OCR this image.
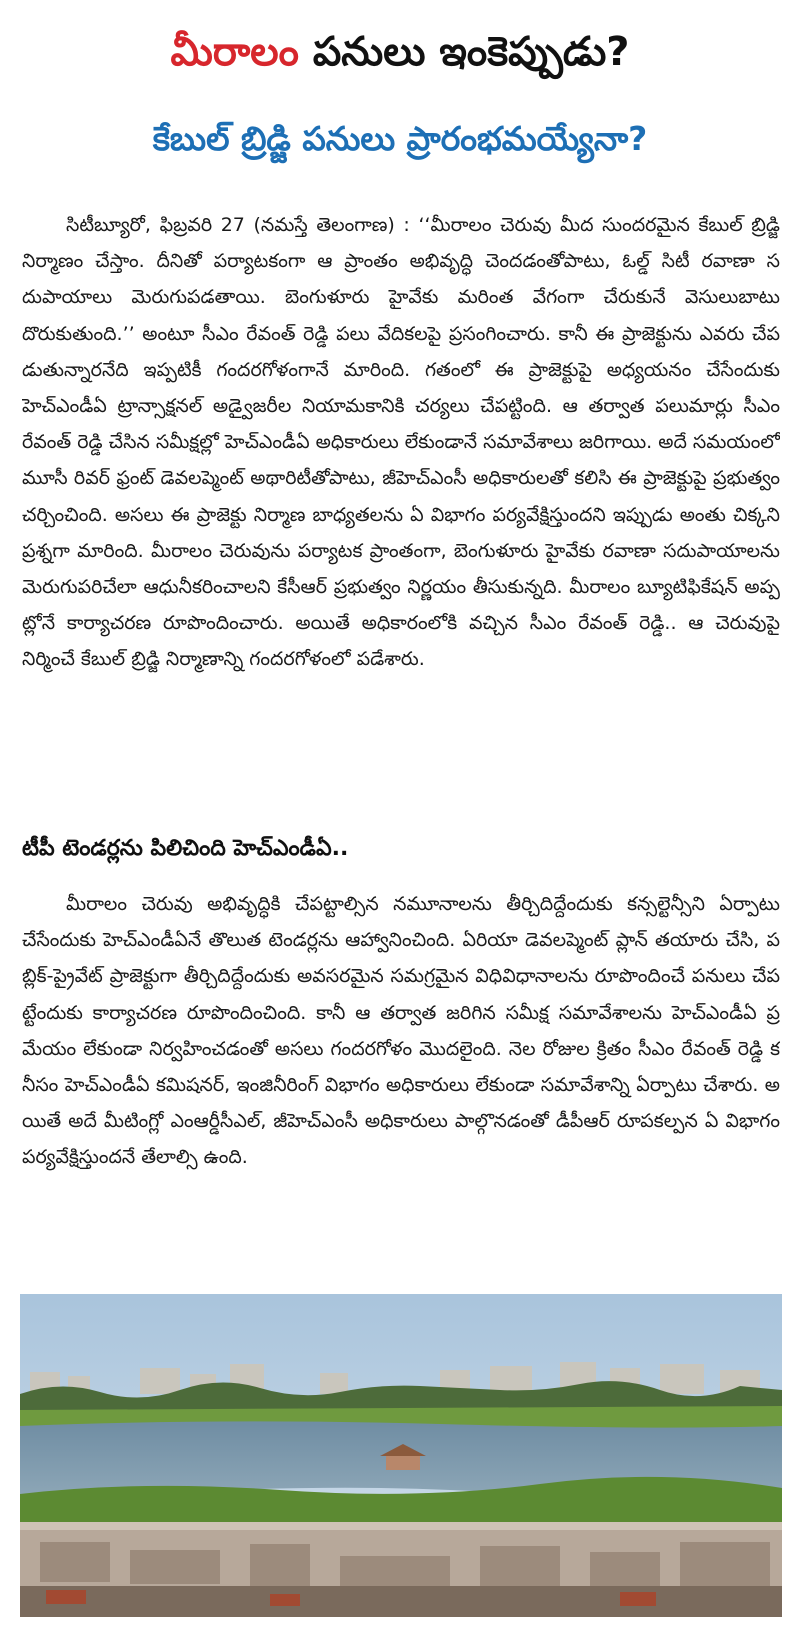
మీరాలం పనులు ఇంకెప్పుడు?
కేబుల్ బ్రిడ్జి పనులు ప్రారంభమయ్యేనా?

సిటీబ్యూరో, ఫిబ్రవరి 27 (నమస్తే తెలంగాణ) : ‘‘మీరాలం చెరువు మీద సుందరమైన కేబుల్ బ్రిడ్జి నిర్మాణం చేస్తాం. దీనితో పర్యాటకంగా ఆ ప్రాంతం అభివృద్ధి చెందడంతోపాటు, ఓల్డ్ సిటీ రవాణా సదుపాయాలు మెరుగుపడతాయి. బెంగుళూరు హైవేకు మరింత వేగంగా చేరుకునే వెసులుబాటు దొరుకుతుంది.’’ అంటూ సీఎం రేవంత్ రెడ్డి పలు వేదికలపై ప్రసంగించారు. కానీ ఈ ప్రాజెక్టును ఎవరు చేపడుతున్నారనేది ఇప్పటికీ గందరగోళంగానే మారింది. గతంలో ఈ ప్రాజెక్టుపై అధ్యయనం చేసేందుకు హెచ్ఎండీఏ ట్రాన్సాక్షనల్ అడ్వైజరీల నియామకానికి చర్యలు చేపట్టింది. ఆ తర్వాత పలుమార్లు సీఎం రేవంత్ రెడ్డి చేసిన సమీక్షల్లో హెచ్ఎండీఏ అధికారులు లేకుండానే సమావేశాలు జరిగాయి. అదే సమయంలో మూసీ రివర్ ఫ్రంట్ డెవలప్మెంట్ అథారిటీతోపాటు, జీహెచ్ఎంసీ అధికారులతో కలిసి ఈ ప్రాజెక్టుపై ప్రభుత్వం చర్చించింది. అసలు ఈ ప్రాజెక్టు నిర్మాణ బాధ్యతలను ఏ విభాగం పర్యవేక్షిస్తుందని ఇప్పుడు అంతు చిక్కని ప్రశ్నగా మారింది. మీరాలం చెరువును పర్యాటక ప్రాంతంగా, బెంగుళూరు హైవేకు రవాణా సదుపాయాలను మెరుగుపరిచేలా ఆధునీకరించాలని కేసీఆర్ ప్రభుత్వం నిర్ణయం తీసుకున్నది. మీరాలం బ్యూటిఫికేషన్ అప్పట్లోనే కార్యాచరణ రూపొందించారు. అయితే అధికారంలోకి వచ్చిన సీఎం రేవంత్ రెడ్డి.. ఆ చెరువుపై నిర్మించే కేబుల్ బ్రిడ్జి నిర్మాణాన్ని గందరగోళంలో పడేశారు.

టీపీ టెండర్లను పిలిచింది హెచ్ఎండీఏ..

మీరాలం చెరువు అభివృద్ధికి చేపట్టాల్సిన నమూనాలను తీర్చిదిద్దేందుకు కన్సల్టెన్సీని ఏర్పాటు చేసేందుకు హెచ్ఎండీఏనే తొలుత టెండర్లను ఆహ్వానించింది. ఏరియా డెవలప్మెంట్ ప్లాన్ తయారు చేసి, పబ్లిక్-ప్రైవేట్ ప్రాజెక్టుగా తీర్చిదిద్దేందుకు అవసరమైన సమగ్రమైన విధివిధానాలను రూపొందించే పనులు చేపట్టేందుకు కార్యాచరణ రూపొందించింది. కానీ ఆ తర్వాత జరిగిన సమీక్ష సమావేశాలను హెచ్ఎండీఏ ప్రమేయం లేకుండా నిర్వహించడంతో అసలు గందరగోళం మొదలైంది. నెల రోజుల క్రితం సీఎం రేవంత్ రెడ్డి కనీసం హెచ్ఎండీఏ కమిషనర్, ఇంజినీరింగ్ విభాగం అధికారులు లేకుండా సమావేశాన్ని ఏర్పాటు చేశారు. అయితే అదే మీటింగ్లో ఎంఆర్డీసీఎల్, జీహెచ్ఎంసీ అధికారులు పాల్గొనడంతో డీపీఆర్ రూపకల్పన ఏ విభాగం పర్యవేక్షిస్తుందనే తేలాల్సి ఉంది.
